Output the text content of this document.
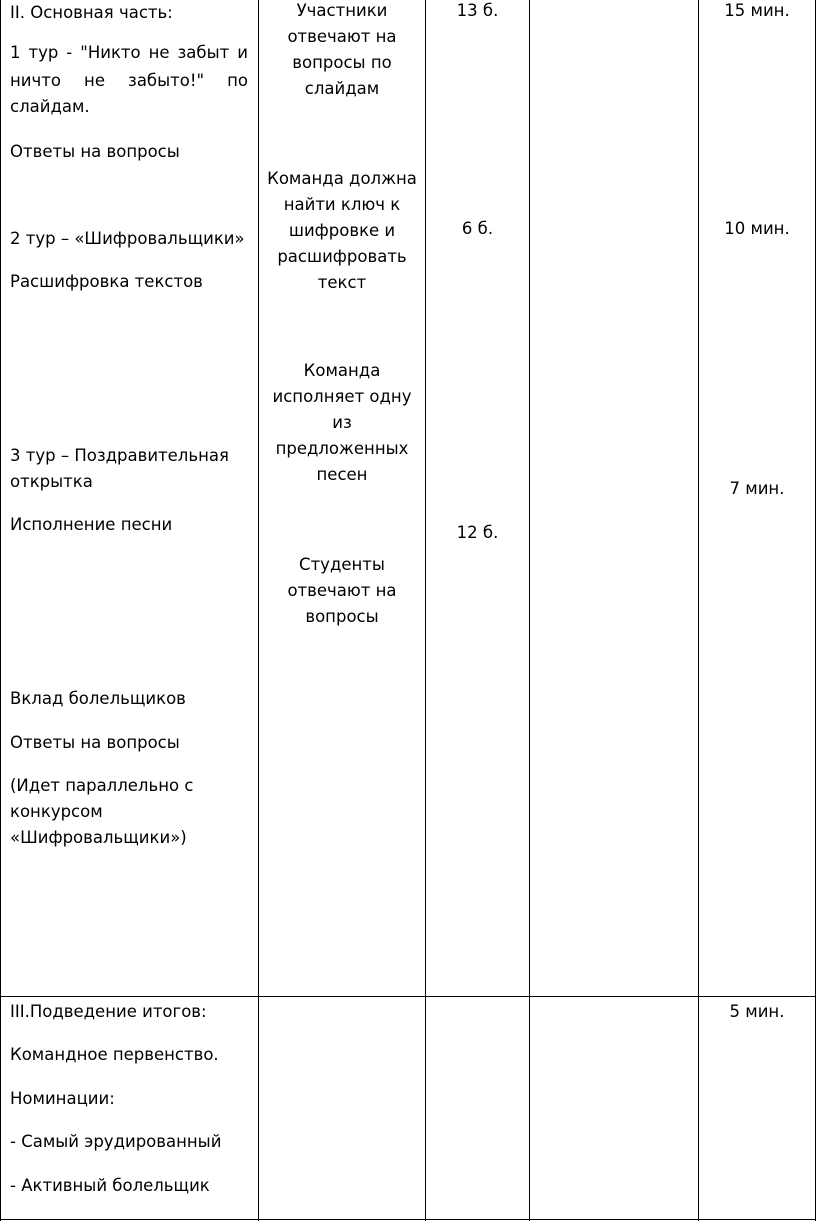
II. Основная часть:
1 тур - "Никто не забыт и
ничто не забыто!" по
слайдам.
Ответы на вопросы
2 тур – «Шифровальщики»
Расшифровка текстов
3 тур – Поздравительная
открытка
Исполнение песни
Вклад болельщиков
Ответы на вопросы
(Идет параллельно с
конкурсом
«Шифровальщики»)
Участники
отвечают на
вопросы по
слайдам
Команда должна
найти ключ к
шифровке и
расшифровать
текст
Команда
исполняет одну
из
предложенных
песен
Студенты
отвечают на
вопросы
13 б.
6 б.
12 б.
15 мин.
10 мин.
7 мин.
III.Подведение итогов:
Командное первенство.
Номинации:
- Самый эрудированный
- Активный болельщик
5 мин.
